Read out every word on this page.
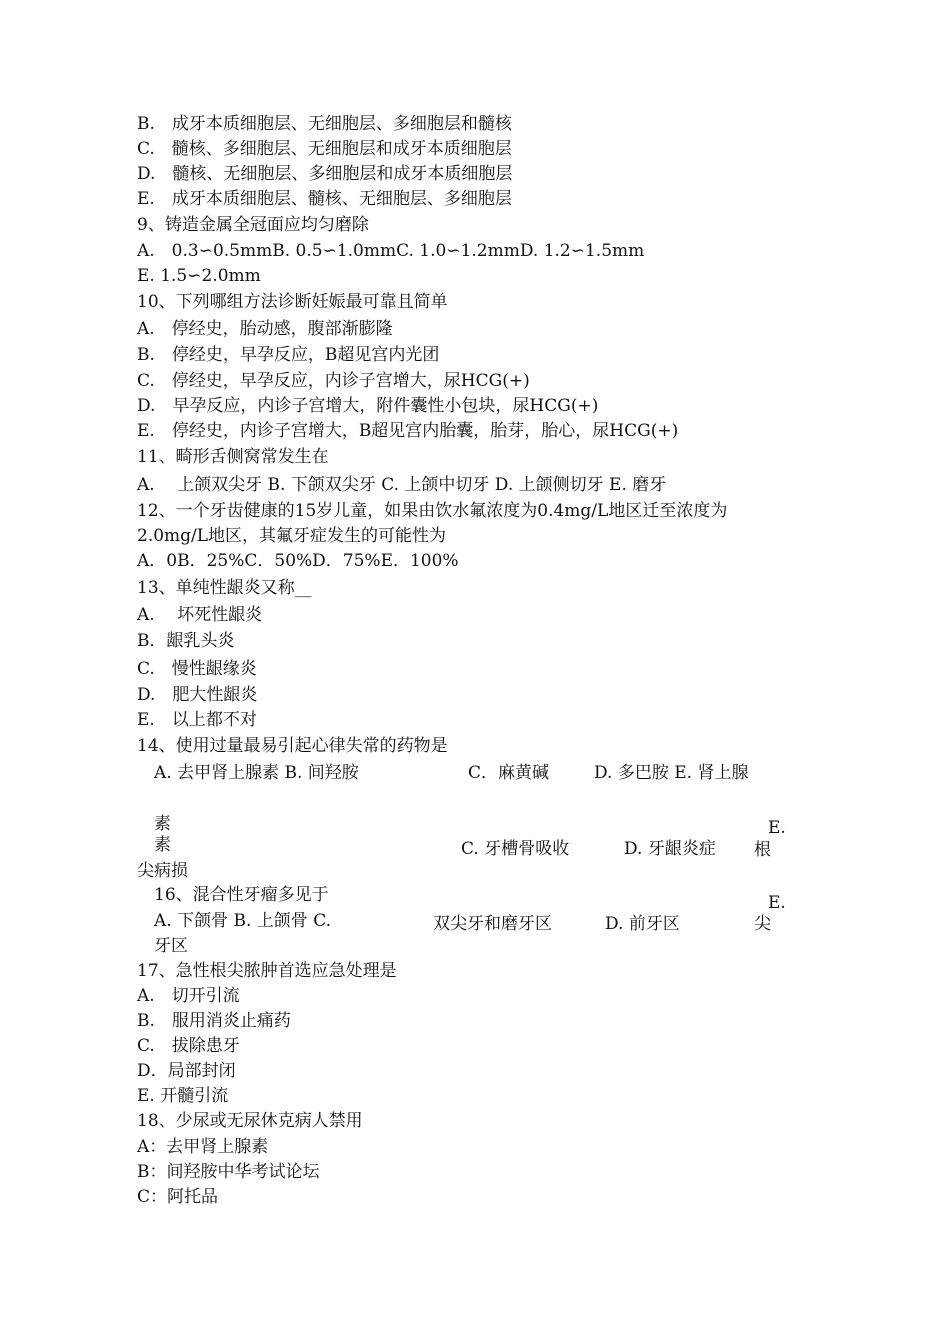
B.　成牙本质细胞层、无细胞层、多细胞层和髓核
C.　髓核、多细胞层、无细胞层和成牙本质细胞层
D.　髓核、无细胞层、多细胞层和成牙本质细胞层
E.　成牙本质细胞层、髓核、无细胞层、多细胞层
9、铸造金属全冠面应均匀磨除
A.　0.3∽0.5mmB. 0.5∽1.0mmC. 1.0∽1.2mmD. 1.2∽1.5mm
E. 1.5∽2.0mm
10、下列哪组方法诊断妊娠最可靠且简单
A.　停经史，胎动感，腹部渐膨隆
B.　停经史，早孕反应，B超见宫内光团
C.　停经史，早孕反应，内诊子宫增大，尿HCG(+)
D.　早孕反应，内诊子宫增大，附件囊性小包块，尿HCG(+)
E.　停经史，内诊子宫增大，B超见宫内胎囊，胎芽，胎心，尿HCG(+)
11、畸形舌侧窝常发生在
A.　 上颌双尖牙 B. 下颌双尖牙 C. 上颌中切牙 D. 上颌侧切牙 E. 磨牙
12、一个牙齿健康的15岁儿童，如果由饮水氟浓度为0.4mg/L地区迁至浓度为
2.0mg/L地区，其氟牙症发生的可能性为
A．0B．25%C．50%D．75%E．100%
13、单纯性龈炎又称__
A.　 坏死性龈炎
B．龈乳头炎
C.　慢性龈缘炎
D.　肥大性龈炎
E.　以上都不对
14、使用过量最易引起心律失常的药物是
A. 去甲肾上腺素 B. 间羟胺	C．麻黄碱	D. 多巴胺 E. 肾上腺
素
素
尖病损
C. 牙槽骨吸收	D. 牙龈炎症
E.
根
16、混合性牙瘤多见于
A. 下颌骨 B. 上颌骨 C.
牙区
双尖牙和磨牙区	D. 前牙区
E.
尖
17、急性根尖脓肿首选应急处理是
A.　切开引流
B.　服用消炎止痛药
C.　拔除患牙
D．局部封闭
E. 开髓引流
18、少尿或无尿休克病人禁用
A：去甲肾上腺素
B：间羟胺中华考试论坛
C：阿托品
